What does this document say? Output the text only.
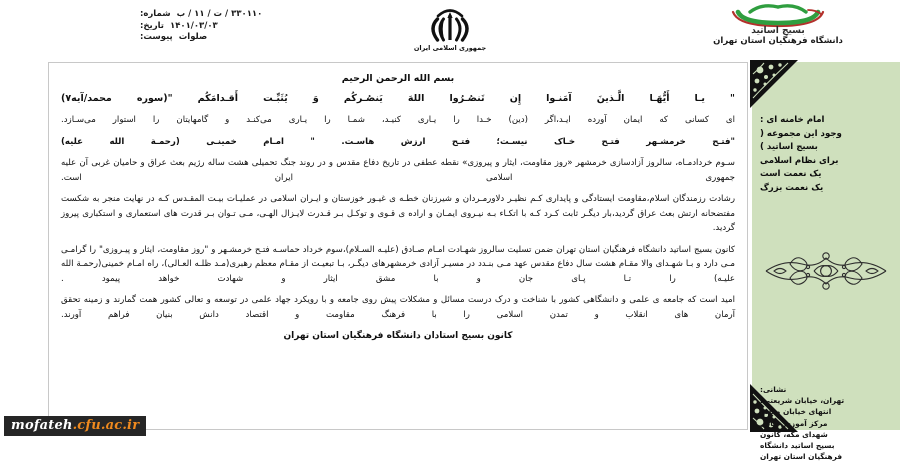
۳۳۰۱۱۰ / ت / ۱۱ / ب
شماره:
۱۴۰۱/۰۳/۰۳
تاریخ:
صلوات
پیوست:
جمهوری اسلامی ایران
بسیج اساتید
دانشگاه فرهنگیان استان تهران
بسم الله الرحمن الرحیم
" یـا أَیُّهَـا الَّـذینَ آمَنـوا إِن تَنصُـرُوا اللهَ یَنصُـرکُم وَ یُثَبِّـت أَقـدامَکُم "(سوره محمد/آیه۷)

ای کسانی که ایمان آورده ایـد،اگر (دین) خـدا را یـاری کنیـد، شمـا را یـاری می‌کنـد و گامهایتان را استوار می‌سـازد.

"فتـح خرمشـهر فتـح خـاک نیسـت؛ فتـح ارزش هاسـت. " امـام خمینـی (رحمـة الله علیه)

سـوم خردادمـاه، سالروز آزادسازی خرمشهر «روز مقاومت، ایثار و پیروزی» نقطه عطفی در تاریخ دفاع مقدس و در روند جنگ تحمیلی هشت ساله رژیم بعث عراق و حامیان غربی آن علیه جمهوری اسلامی ایران است.

رشادت رزمندگان اسلام،مقاومت ایستادگی و پایداری کـم نظیـر دلاورمـردان و شیرزنان خطـه ی غیـور خوزستان و ایـران اسلامی در عملیـات بیـت المقـدس کـه در نهایت منجر به شکست مفتضحانه ارتش بعث عراق گردید،بار دیگـر ثابت کـرد کـه با اتکـاء بـه نیـروی ایمـان و اراده ی قـوی و توکـل بـر قـدرت لایـزال الهـی، مـی تـوان بـر قدرت های استعماری و استکباری پیروز گردید.

کانون بسیج اساتید دانشگاه فرهنگیان استان تهران ضمن تسلیت سالروز شهـادت امـام صـادق (علیـه السـلام)،سوم خرداد حماسـه فتـح خرمشـهر و "روز مقاومت، ایثار و پیـروزی" را گرامـی مـی دارد و بـا شهـدای والا مقـام هشت سال دفاع مقدس عهد مـی بنـدد در مسیـر آزادی خرمشهرهای دیگـر، بـا تبعیـت از مقـام معظم رهبری(مـد ظلـه العـالی)، راه امـام خمینی(رحمـة الله علیـه) را تـا پـای جان و با مشق ایثار و شهادت خواهد پیمود .

امید است که جامعه ی علمی و دانشگاهی کشور با شناخت و درک درست مسائل و مشکلات پیش روی جامعه و با رویکرد جهاد علمی در توسعه و تعالی کشور همت گمارند و زمینه تحقق آرمان های انقلاب و تمدن اسلامی را با فرهنگ مقاومت و اقتصاد دانش بنیان فراهم آورند.

کانون بسیج استادان دانشگاه فرهنگیان استان تهران
امام خامنه ای :
وجود این مجموعه (
بسیج اساتید )
برای نظام اسلامی
یک نعمت است
یک نعمت بزرگ
نشانی:
تهران، خیابان شریعتی،
انتهای خیابان معلم،
مرکز آموزش عالی
شهدای مکه، کانون
بسیج اساتید دانشگاه
فرهنگیان استان تهران
mofateh.cfu.ac.ir
